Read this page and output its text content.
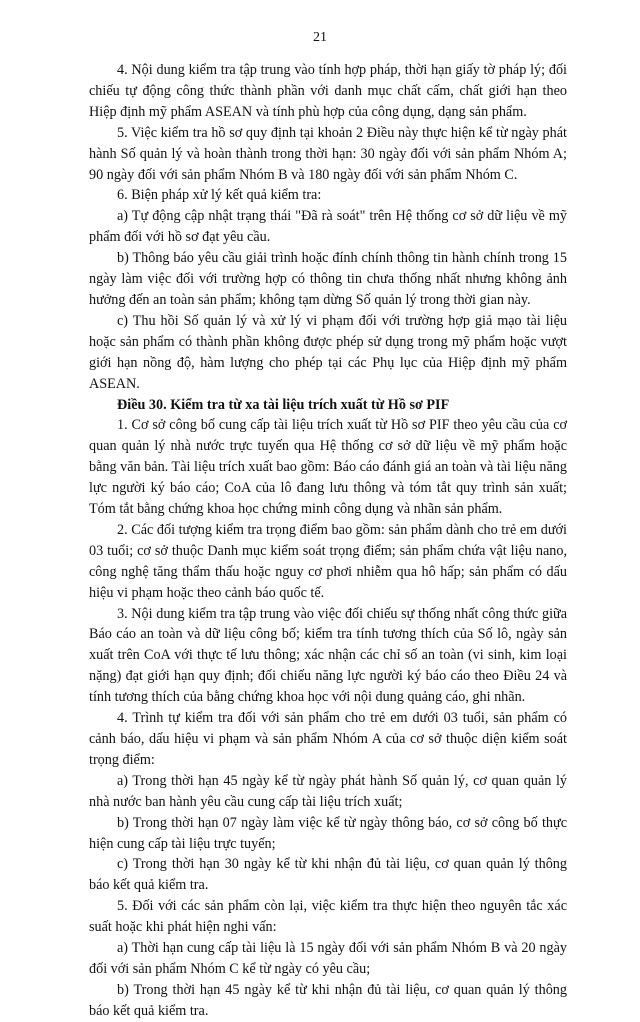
21

4. Nội dung kiểm tra tập trung vào tính hợp pháp, thời hạn giấy tờ pháp lý; đối chiếu tự động công thức thành phần với danh mục chất cấm, chất giới hạn theo Hiệp định mỹ phẩm ASEAN và tính phù hợp của công dụng, dạng sản phẩm.

5. Việc kiểm tra hồ sơ quy định tại khoản 2 Điều này thực hiện kể từ ngày phát hành Số quản lý và hoàn thành trong thời hạn: 30 ngày đối với sản phẩm Nhóm A; 90 ngày đối với sản phẩm Nhóm B và 180 ngày đối với sản phẩm Nhóm C.

6. Biện pháp xử lý kết quả kiểm tra:

a) Tự động cập nhật trạng thái "Đã rà soát" trên Hệ thống cơ sở dữ liệu về mỹ phẩm đối với hồ sơ đạt yêu cầu.

b) Thông báo yêu cầu giải trình hoặc đính chính thông tin hành chính trong 15 ngày làm việc đối với trường hợp có thông tin chưa thống nhất nhưng không ảnh hưởng đến an toàn sản phẩm; không tạm dừng Số quản lý trong thời gian này.

c) Thu hồi Số quản lý và xử lý vi phạm đối với trường hợp giả mạo tài liệu hoặc sản phẩm có thành phần không được phép sử dụng trong mỹ phẩm hoặc vượt giới hạn nồng độ, hàm lượng cho phép tại các Phụ lục của Hiệp định mỹ phẩm ASEAN.

Điều 30. Kiểm tra từ xa tài liệu trích xuất từ Hồ sơ PIF

1. Cơ sở công bố cung cấp tài liệu trích xuất từ Hồ sơ PIF theo yêu cầu của cơ quan quản lý nhà nước trực tuyến qua Hệ thống cơ sở dữ liệu về mỹ phẩm hoặc bằng văn bản. Tài liệu trích xuất bao gồm: Báo cáo đánh giá an toàn và tài liệu năng lực người ký báo cáo; CoA của lô đang lưu thông và tóm tắt quy trình sản xuất; Tóm tắt bằng chứng khoa học chứng minh công dụng và nhãn sản phẩm.

2. Các đối tượng kiểm tra trọng điểm bao gồm: sản phẩm dành cho trẻ em dưới 03 tuổi; cơ sở thuộc Danh mục kiểm soát trọng điểm; sản phẩm chứa vật liệu nano, công nghệ tăng thẩm thấu hoặc nguy cơ phơi nhiễm qua hô hấp; sản phẩm có dấu hiệu vi phạm hoặc theo cảnh báo quốc tế.

3. Nội dung kiểm tra tập trung vào việc đối chiếu sự thống nhất công thức giữa Báo cáo an toàn và dữ liệu công bố; kiểm tra tính tương thích của Số lô, ngày sản xuất trên CoA với thực tế lưu thông; xác nhận các chỉ số an toàn (vi sinh, kim loại nặng) đạt giới hạn quy định; đối chiếu năng lực người ký báo cáo theo Điều 24 và tính tương thích của bằng chứng khoa học với nội dung quảng cáo, ghi nhãn.

4. Trình tự kiểm tra đối với sản phẩm cho trẻ em dưới 03 tuổi, sản phẩm có cảnh báo, dấu hiệu vi phạm và sản phẩm Nhóm A của cơ sở thuộc diện kiểm soát trọng điểm:

a) Trong thời hạn 45 ngày kể từ ngày phát hành Số quản lý, cơ quan quản lý nhà nước ban hành yêu cầu cung cấp tài liệu trích xuất;

b) Trong thời hạn 07 ngày làm việc kể từ ngày thông báo, cơ sở công bố thực hiện cung cấp tài liệu trực tuyến;

c) Trong thời hạn 30 ngày kể từ khi nhận đủ tài liệu, cơ quan quản lý thông báo kết quả kiểm tra.

5. Đối với các sản phẩm còn lại, việc kiểm tra thực hiện theo nguyên tắc xác suất hoặc khi phát hiện nghi vấn:

a) Thời hạn cung cấp tài liệu là 15 ngày đối với sản phẩm Nhóm B và 20 ngày đối với sản phẩm Nhóm C kể từ ngày có yêu cầu;

b) Trong thời hạn 45 ngày kể từ khi nhận đủ tài liệu, cơ quan quản lý thông báo kết quả kiểm tra.
